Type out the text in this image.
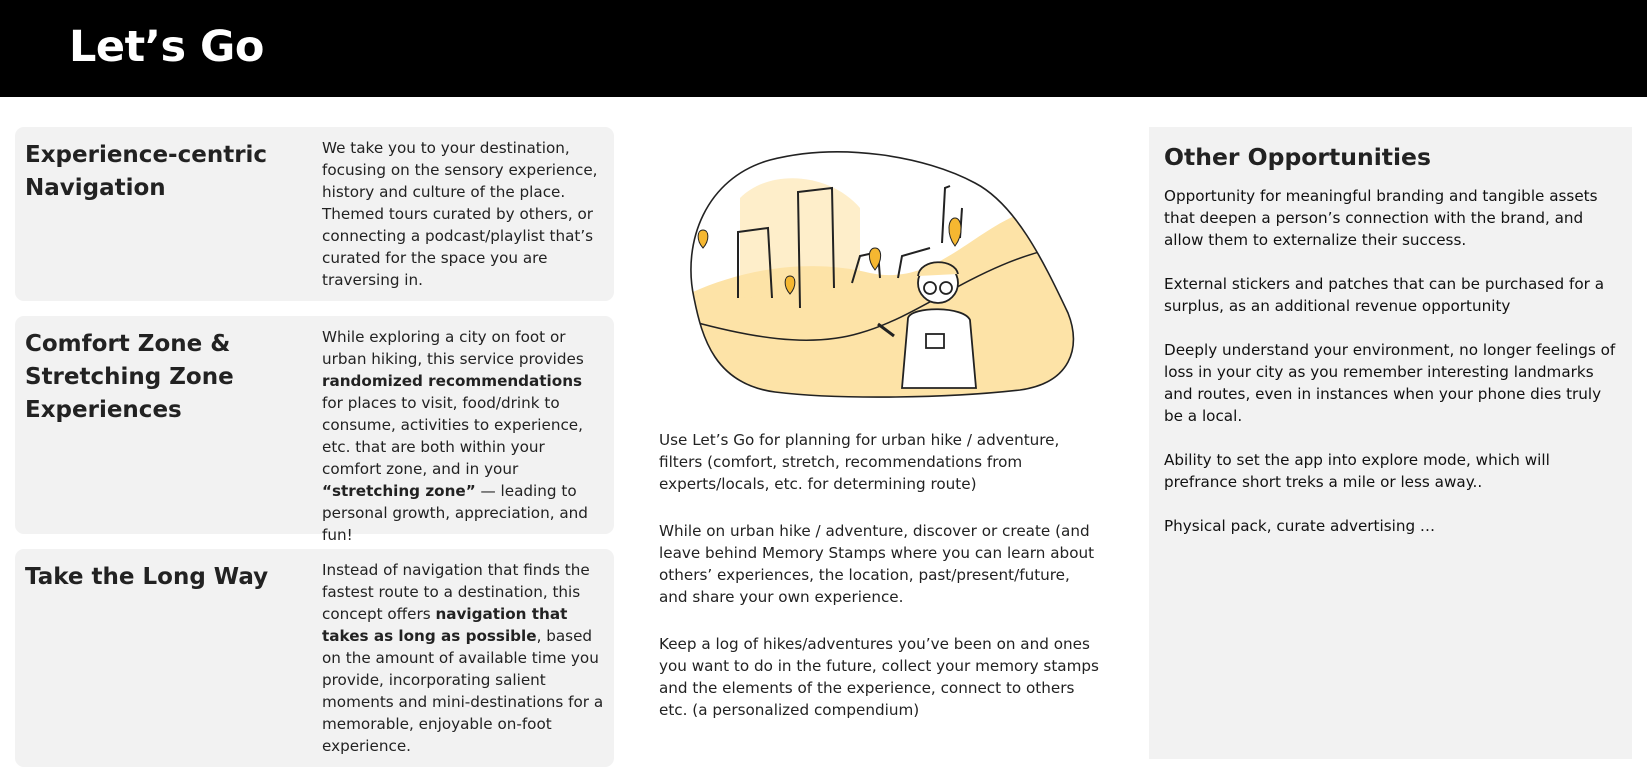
Let’s Go
Experience-centric Navigation
We take you to your destination, focusing on the sensory experience, history and culture of the place. Themed tours curated by others, or connecting a podcast/playlist that’s curated for the space you are traversing in.
Comfort Zone & Stretching Zone Experiences
While exploring a city on foot or urban hiking, this service provides randomized recommendations for places to visit, food/drink to consume, activities to experience, etc. that are both within your comfort zone, and in your “stretching zone” — leading to personal growth, appreciation, and fun!
Take the Long Way	Instead of navigation that finds the fastest route to a destination, this concept offers navigation that takes as long as possible, based on the amount of available time you provide, incorporating salient moments and mini-destinations for a memorable, enjoyable on-foot experience.

Use Let’s Go for planning for urban hike / adventure, filters (comfort, stretch, recommendations from experts/locals, etc. for determining route)

While on urban hike / adventure, discover or create (and leave behind Memory Stamps where you can learn about others’ experiences, the location, past/present/future, and share your own experience.

Keep a log of hikes/adventures you’ve been on and ones you want to do in the future, collect your memory stamps and the elements of the experience, connect to others etc. (a personalized compendium)

Other Opportunities

Opportunity for meaningful branding and tangible assets that deepen a person’s connection with the brand, and allow them to externalize their success.

External stickers and patches that can be purchased for a surplus, as an additional revenue opportunity

Deeply understand your environment, no longer feelings of loss in your city as you remember interesting landmarks and routes, even in instances when your phone dies truly be a local.

Ability to set the app into explore mode, which will prefrance short treks a mile or less away..

Physical pack, curate advertising …
